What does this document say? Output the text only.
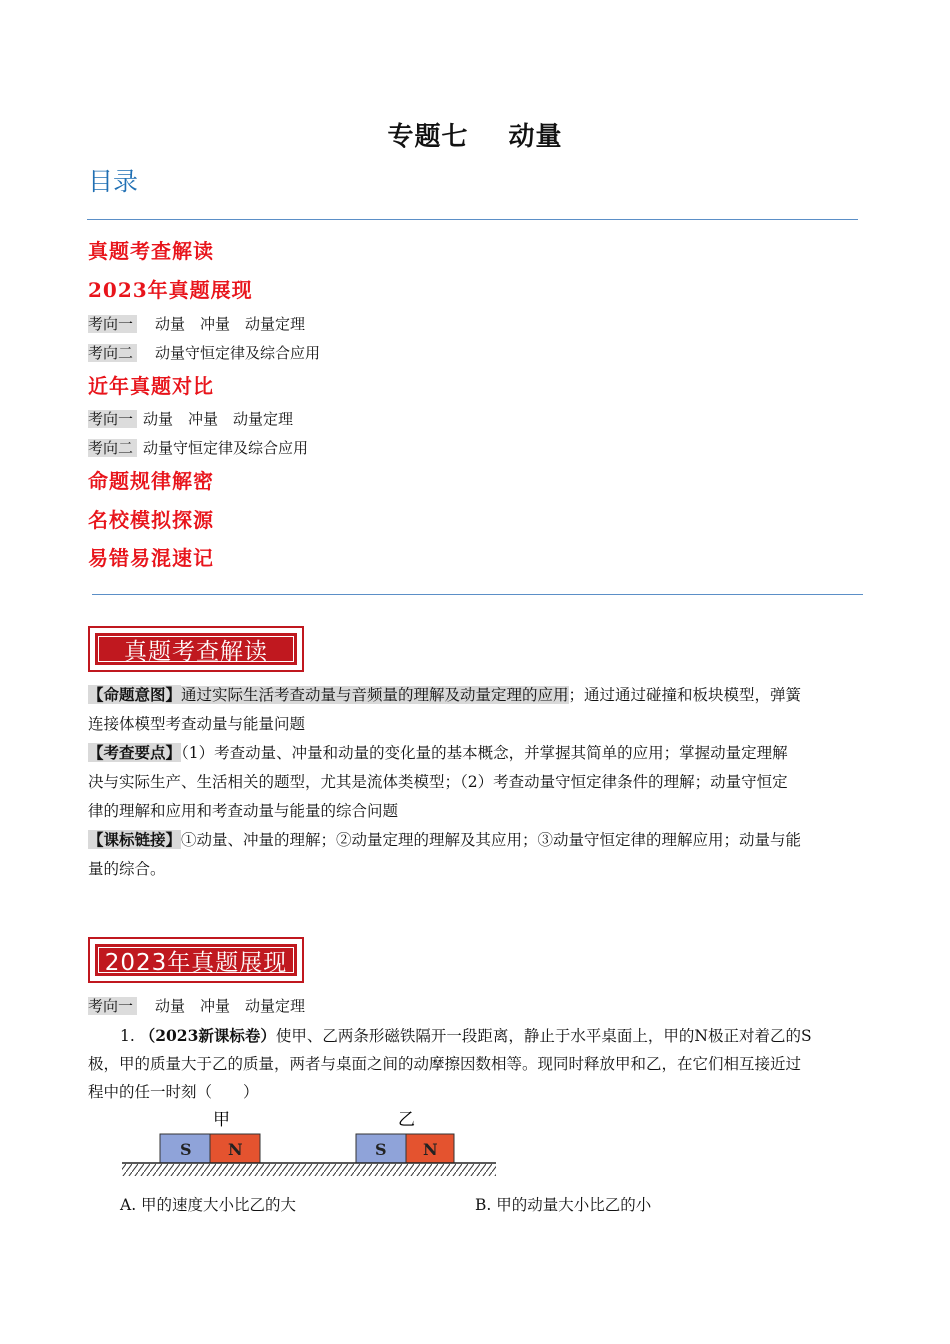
专题七 动量
目录
真题考查解读
2023年真题展现
考向一 动量　冲量　动量定理
考向二 动量守恒定律及综合应用
近年真题对比
考向一 动量　冲量　动量定理
考向二 动量守恒定律及综合应用
命题规律解密
名校模拟探源
易错易混速记
真题考查解读
【命题意图】通过实际生活考查动量与音频量的理解及动量定理的应用；通过通过碰撞和板块模型，弹簧
连接体模型考查动量与能量问题
【考查要点】（1）考查动量、冲量和动量的变化量的基本概念，并掌握其简单的应用；掌握动量定理解
决与实际生产、生活相关的题型，尤其是流体类模型；（2）考查动量守恒定律条件的理解；动量守恒定
律的理解和应用和考查动量与能量的综合问题
【课标链接】①动量、冲量的理解；②动量定理的理解及其应用；③动量守恒定律的理解应用；动量与能
量的综合。
2023年真题展现
考向一 动量　冲量　动量定理
1. （2023新课标卷）使甲、乙两条形磁铁隔开一段距离，静止于水平桌面上，甲的N极正对着乙的S
极，甲的质量大于乙的质量，两者与桌面之间的动摩擦因数相等。现同时释放甲和乙，在它们相互接近过
程中的任一时刻（　　）
甲	乙
S N	S N
A. 甲的速度大小比乙的大	B. 甲的动量大小比乙的小
